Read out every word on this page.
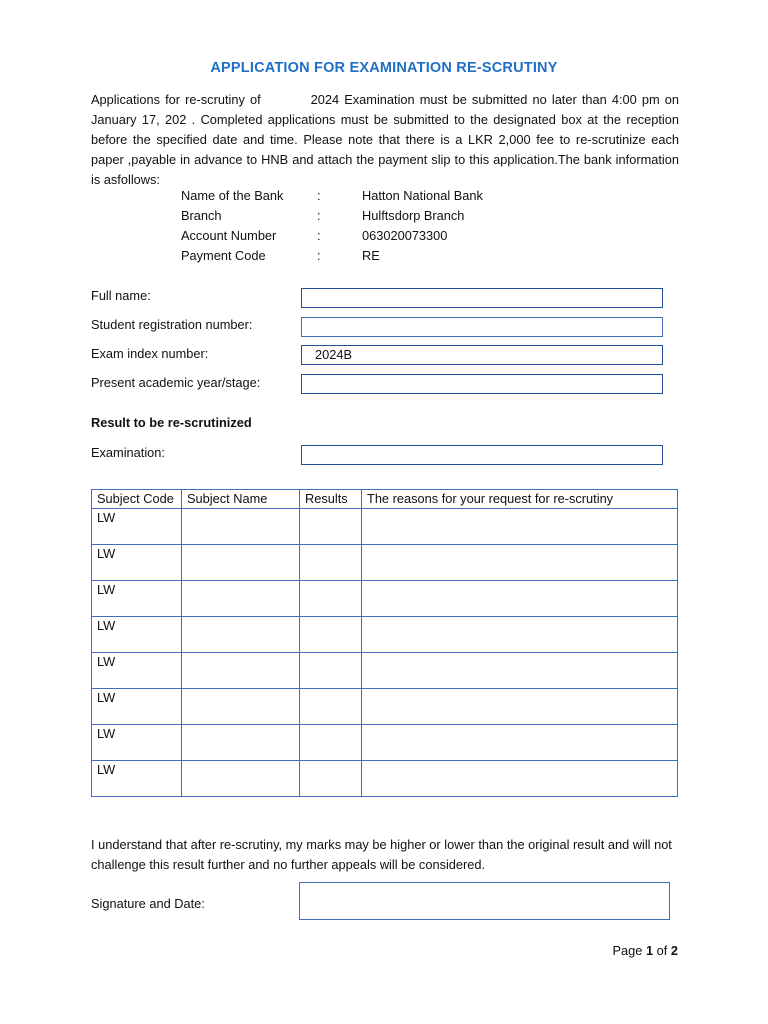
APPLICATION FOR EXAMINATION RE-SCRUTINY
Applications for re-scrutiny of	2024 Examination must be submitted no later than 4:00 pm on January 17, 202 . Completed applications must be submitted to the designated box at the reception before the specified date and time. Please note that there is a LKR 2,000 fee to re-scrutinize each paper ,payable in advance to HNB and attach the payment slip to this application.The bank information is asfollows:
Name of the Bank	:	Hatton National Bank
Branch	:	Hulftsdorp Branch
Account Number	:	063020073300
Payment Code	:	RE
Full name:
Student registration number:
Exam index number:	2024B
Present academic year/stage:
Result to be re-scrutinized
Examination:
Subject Code	Subject Name	Results	The reasons for your request for re-scrutiny
LW			
LW			
LW			
LW			
LW			
LW			
LW			
LW			
I understand that after re-scrutiny, my marks may be higher or lower than the original result and will not challenge this result further and no further appeals will be considered.
Signature and Date:
Page 1 of 2
